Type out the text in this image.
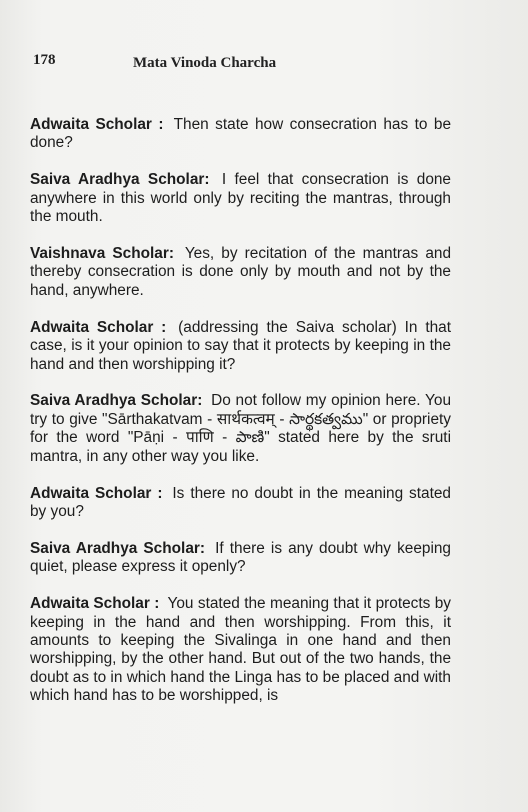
178	Mata Vinoda Charcha

Adwaita Scholar : Then state how consecration has to be done?

Saiva Aradhya Scholar: I feel that consecration is done anywhere in this world only by reciting the mantras, through the mouth.

Vaishnava Scholar: Yes, by recitation of the mantras and thereby consecration is done only by mouth and not by the hand, anywhere.

Adwaita Scholar : (addressing the Saiva scholar) In that case, is it your opinion to say that it protects by keeping in the hand and then worshipping it?

Saiva Aradhya Scholar: Do not follow my opinion here. You try to give "Sārthakatvam - सार्थकत्वम् - సార్థకత్వము" or propriety for the word "Pāṇi - पाणि - పాణి" stated here by the sruti mantra, in any other way you like.

Adwaita Scholar : Is there no doubt in the meaning stated by you?

Saiva Aradhya Scholar: If there is any doubt why keeping quiet, please express it openly?

Adwaita Scholar : You stated the meaning that it protects by keeping in the hand and then worshipping. From this, it amounts to keeping the Sivalinga in one hand and then worshipping, by the other hand. But out of the two hands, the doubt as to in which hand the Linga has to be placed and with which hand has to be worshipped, is
